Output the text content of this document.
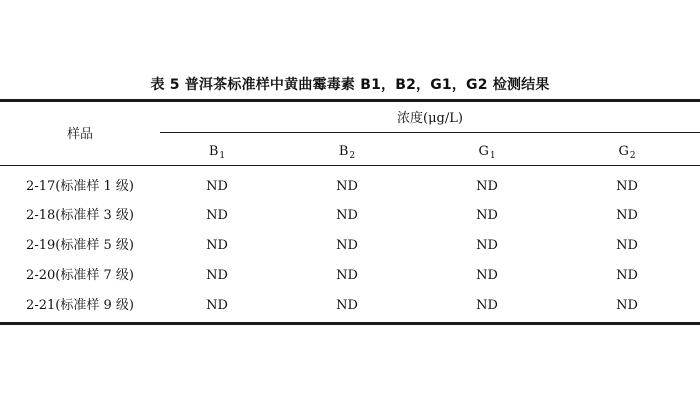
表 5 普洱茶标准样中黄曲霉毒素 B1，B2，G1，G2 检测结果
样品
浓度(μg/L)
$B_1$	$B_2$	$G_1$	$G_2$
2-17(标准样 1 级)	ND	ND	ND	ND
2-18(标准样 3 级)	ND	ND	ND	ND
2-19(标准样 5 级)	ND	ND	ND	ND
2-20(标准样 7 级)	ND	ND	ND	ND
2-21(标准样 9 级)	ND	ND	ND	ND
